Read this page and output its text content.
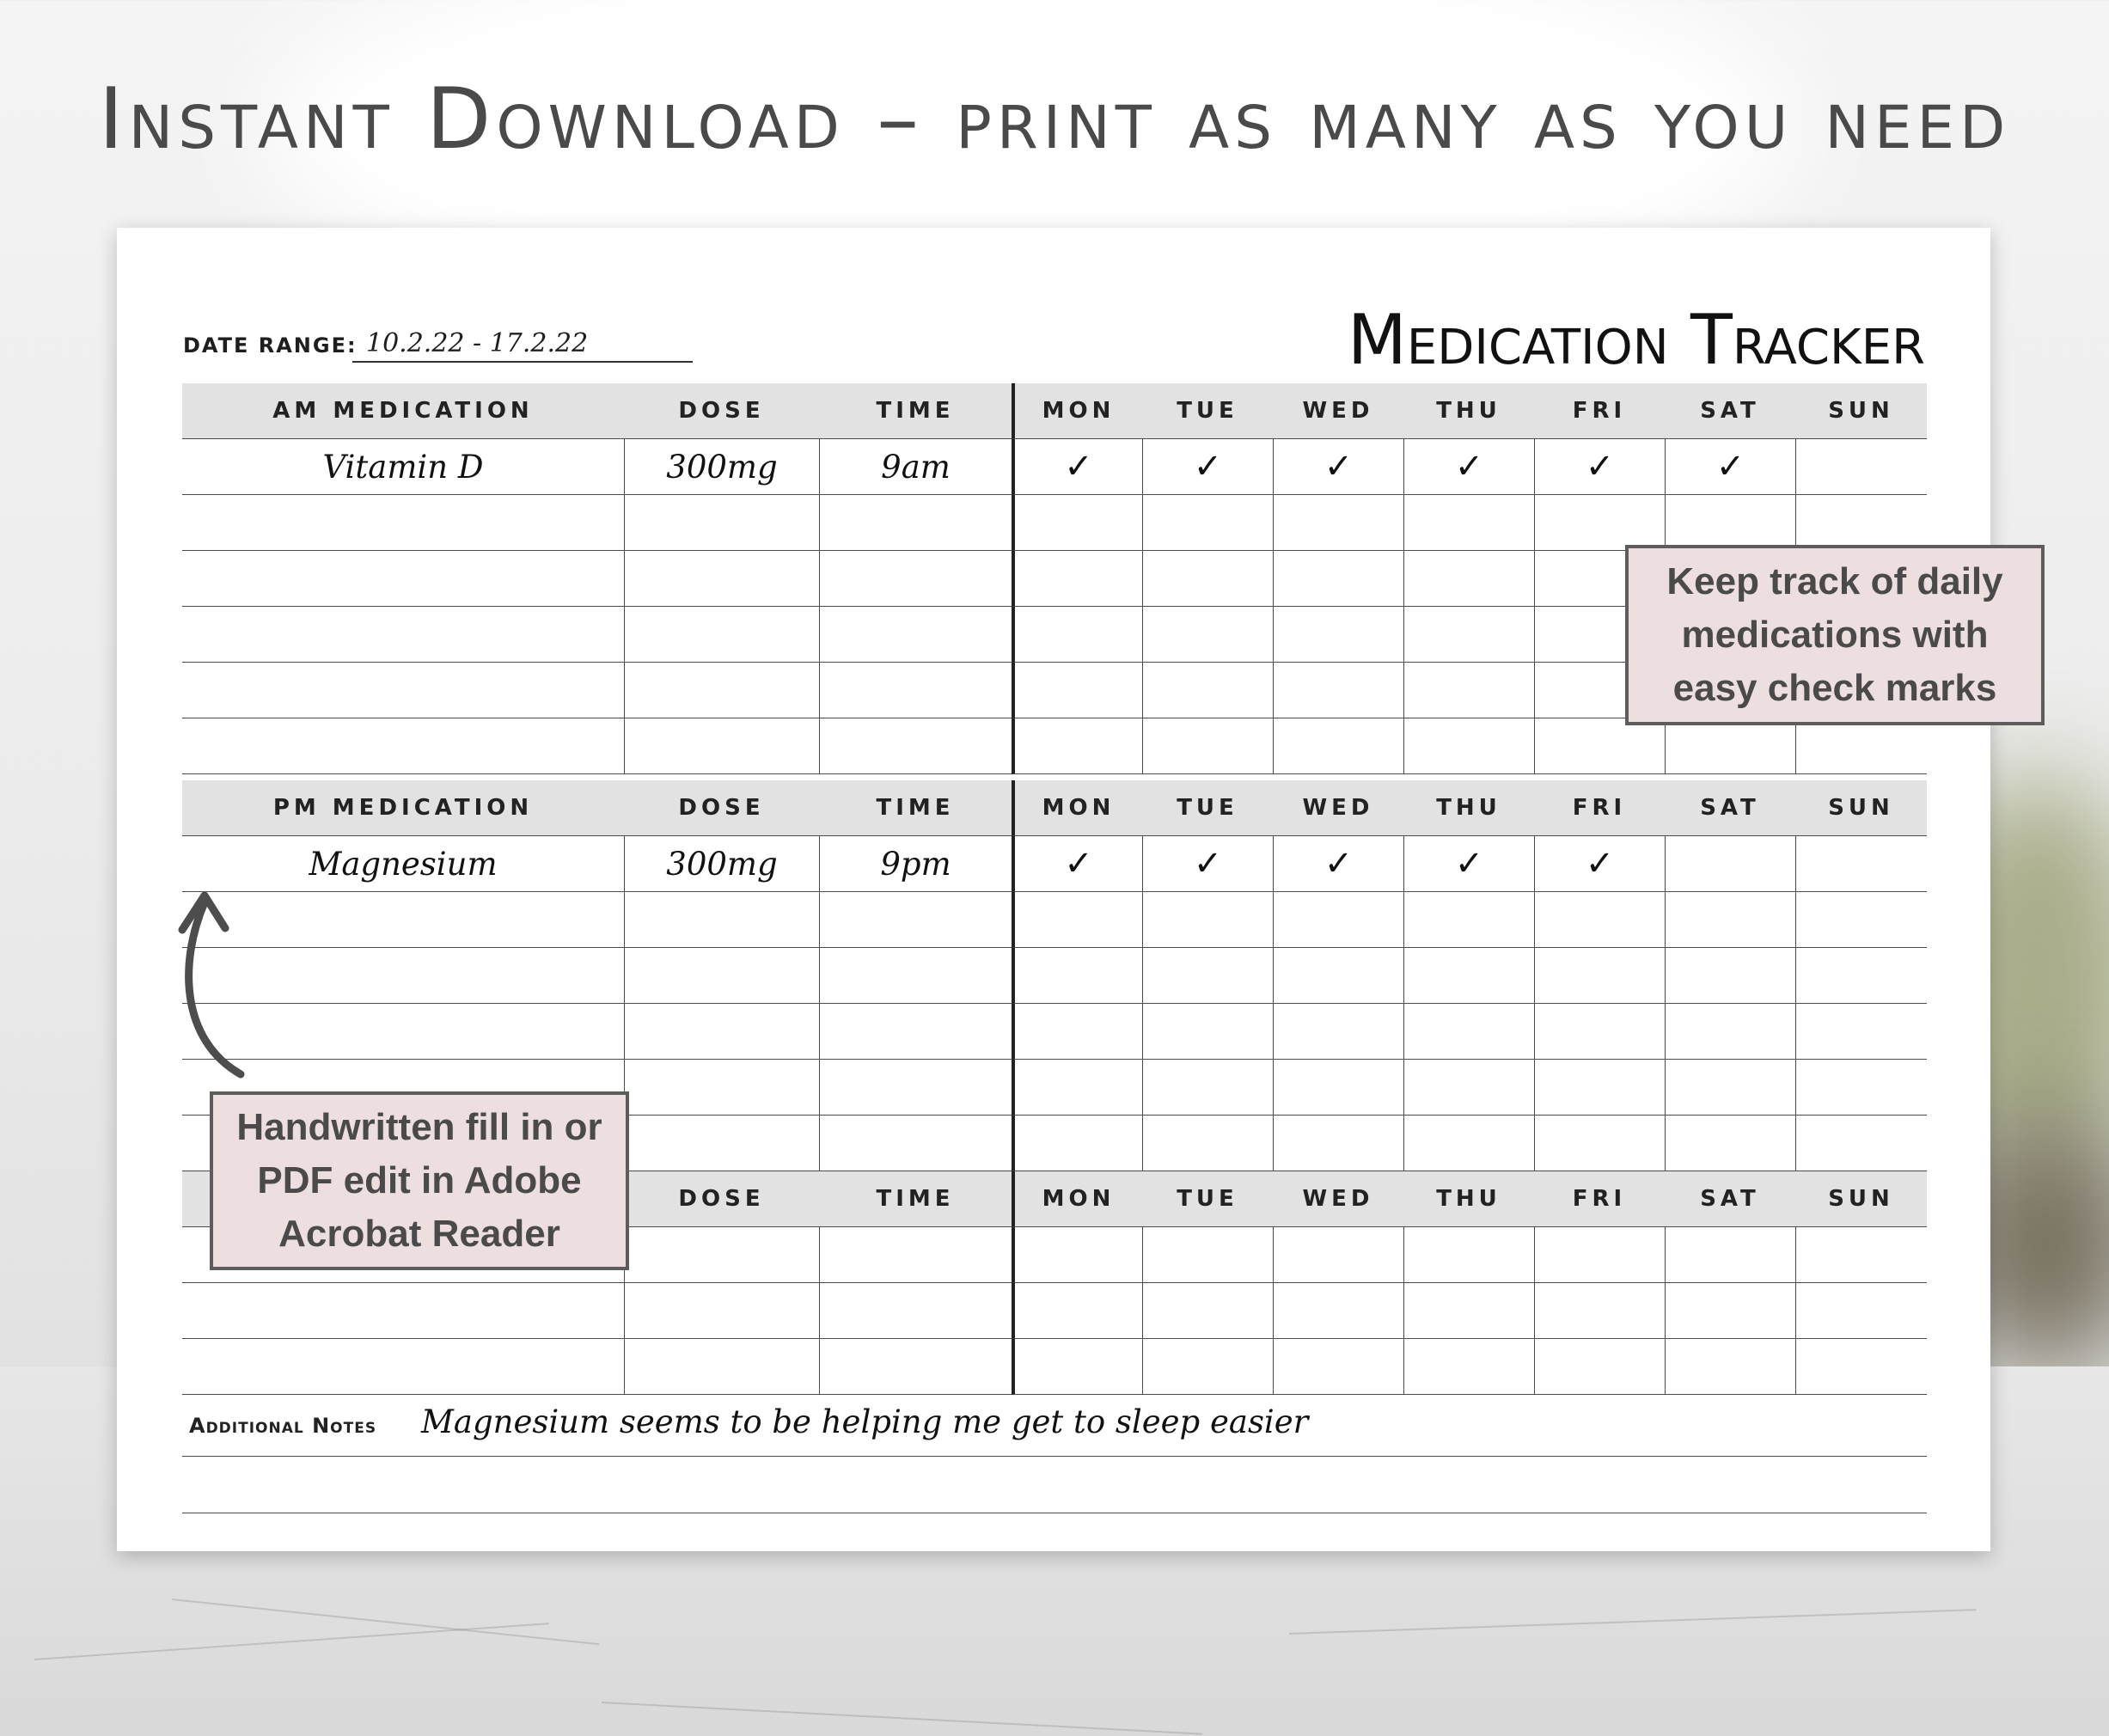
Instant Download – print as many as you need
DATE RANGE: 10.2.22 - 17.2.22	Medication Tracker
AM MEDICATION	DOSE	TIME	MON	TUE	WED	THU	FRI	SAT	SUN
Vitamin D	300mg	9am	✓	✓	✓	✓	✓	✓
PM MEDICATION	DOSE	TIME	MON	TUE	WED	THU	FRI	SAT	SUN
Magnesium	300mg	9pm	✓	✓	✓	✓	✓
DOSE	TIME	MON	TUE	WED	THU	FRI	SAT	SUN
Additional Notes Magnesium seems to be helping me get to sleep easier
Keep track of daily medications with easy check marks
Handwritten fill in or PDF edit in Adobe Acrobat Reader
